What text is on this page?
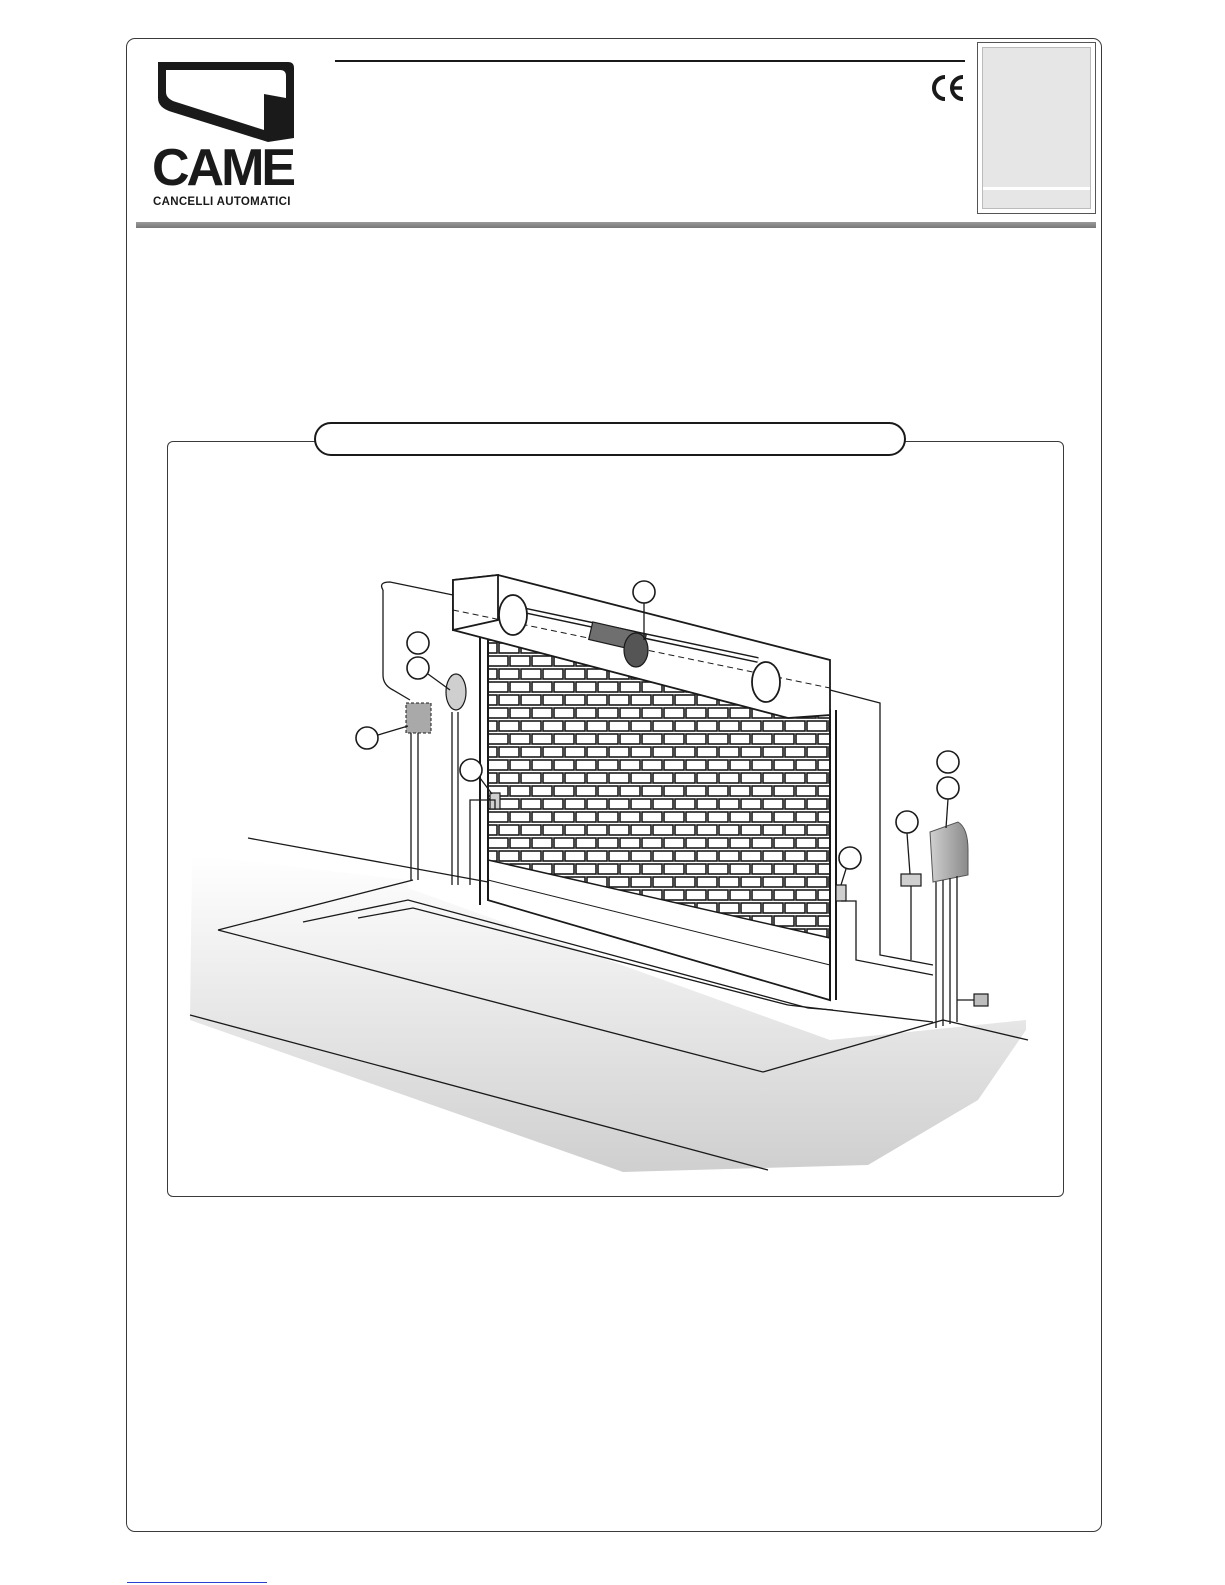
CAME
CANCELLI AUTOMATICI
